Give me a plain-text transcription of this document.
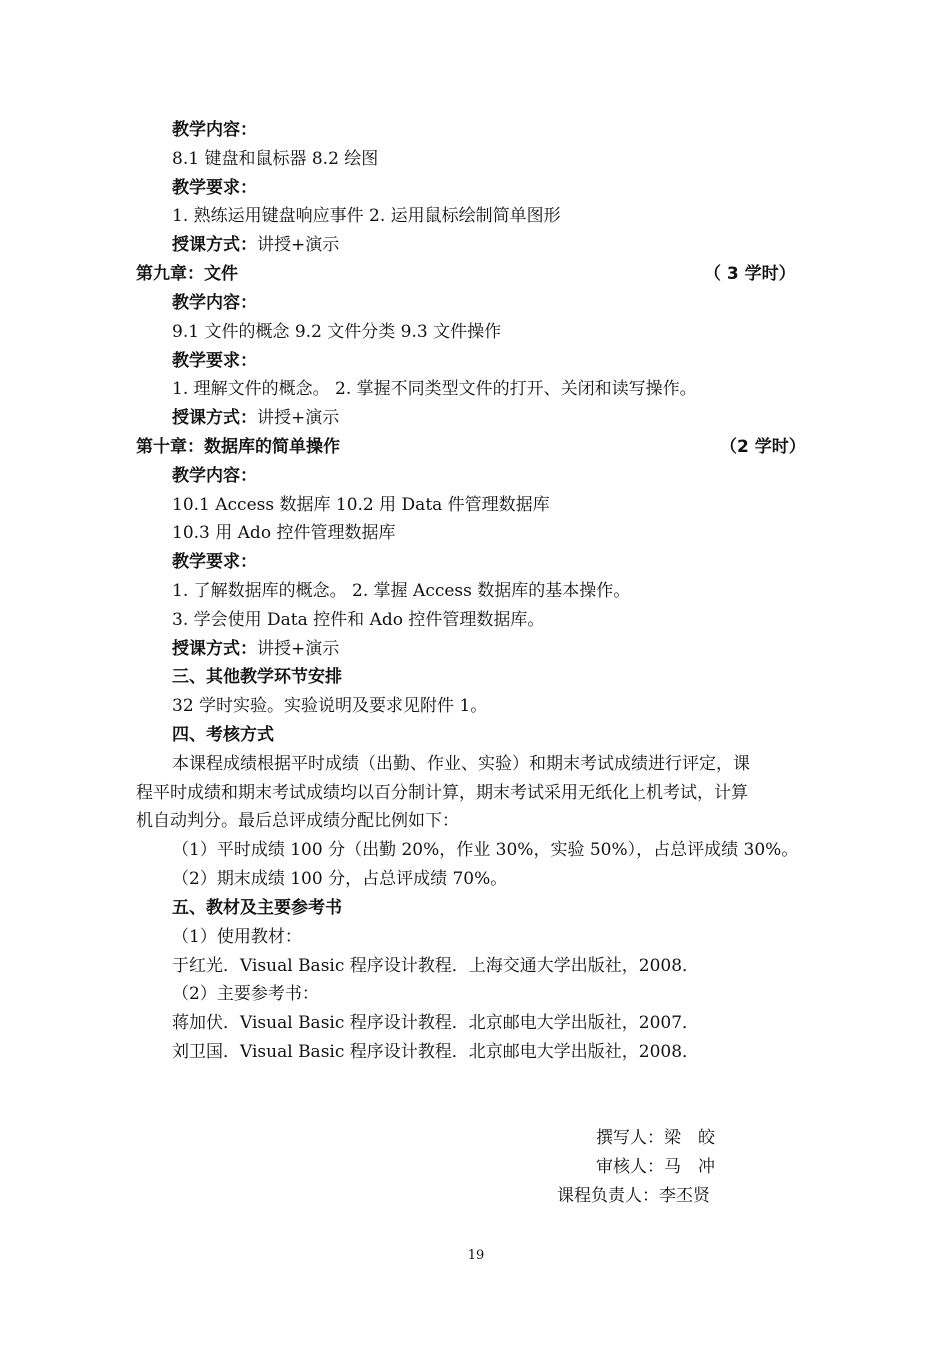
教学内容：
8.1 键盘和鼠标器 8.2 绘图
教学要求：
1. 熟练运用键盘响应事件 2. 运用鼠标绘制简单图形
授课方式：讲授+演示
第九章：文件	（ 3 学时）
教学内容：
9.1 文件的概念 9.2 文件分类 9.3 文件操作
教学要求：
1. 理解文件的概念。 2. 掌握不同类型文件的打开、关闭和读写操作。
授课方式：讲授+演示
第十章：数据库的简单操作	（2 学时）
教学内容：
10.1 Access 数据库 10.2 用 Data 件管理数据库
10.3 用 Ado 控件管理数据库
教学要求：
1. 了解数据库的概念。 2. 掌握 Access 数据库的基本操作。
3. 学会使用 Data 控件和 Ado 控件管理数据库。
授课方式：讲授+演示
三、其他教学环节安排
32 学时实验。实验说明及要求见附件 1。
四、考核方式
本课程成绩根据平时成绩（出勤、作业、实验）和期末考试成绩进行评定，课
程平时成绩和期末考试成绩均以百分制计算，期末考试采用无纸化上机考试，计算
机自动判分。最后总评成绩分配比例如下：
（1）平时成绩 100 分（出勤 20%，作业 30%，实验 50%），占总评成绩 30%。
（2）期末成绩 100 分，占总评成绩 70%。
五、教材及主要参考书
（1）使用教材：
于红光．Visual Basic 程序设计教程．上海交通大学出版社，2008．
（2）主要参考书：
蒋加伏．Visual Basic 程序设计教程．北京邮电大学出版社，2007．
刘卫国．Visual Basic 程序设计教程．北京邮电大学出版社，2008．
撰写人：梁　皎
审核人：马　冲
课程负责人：李丕贤
19
